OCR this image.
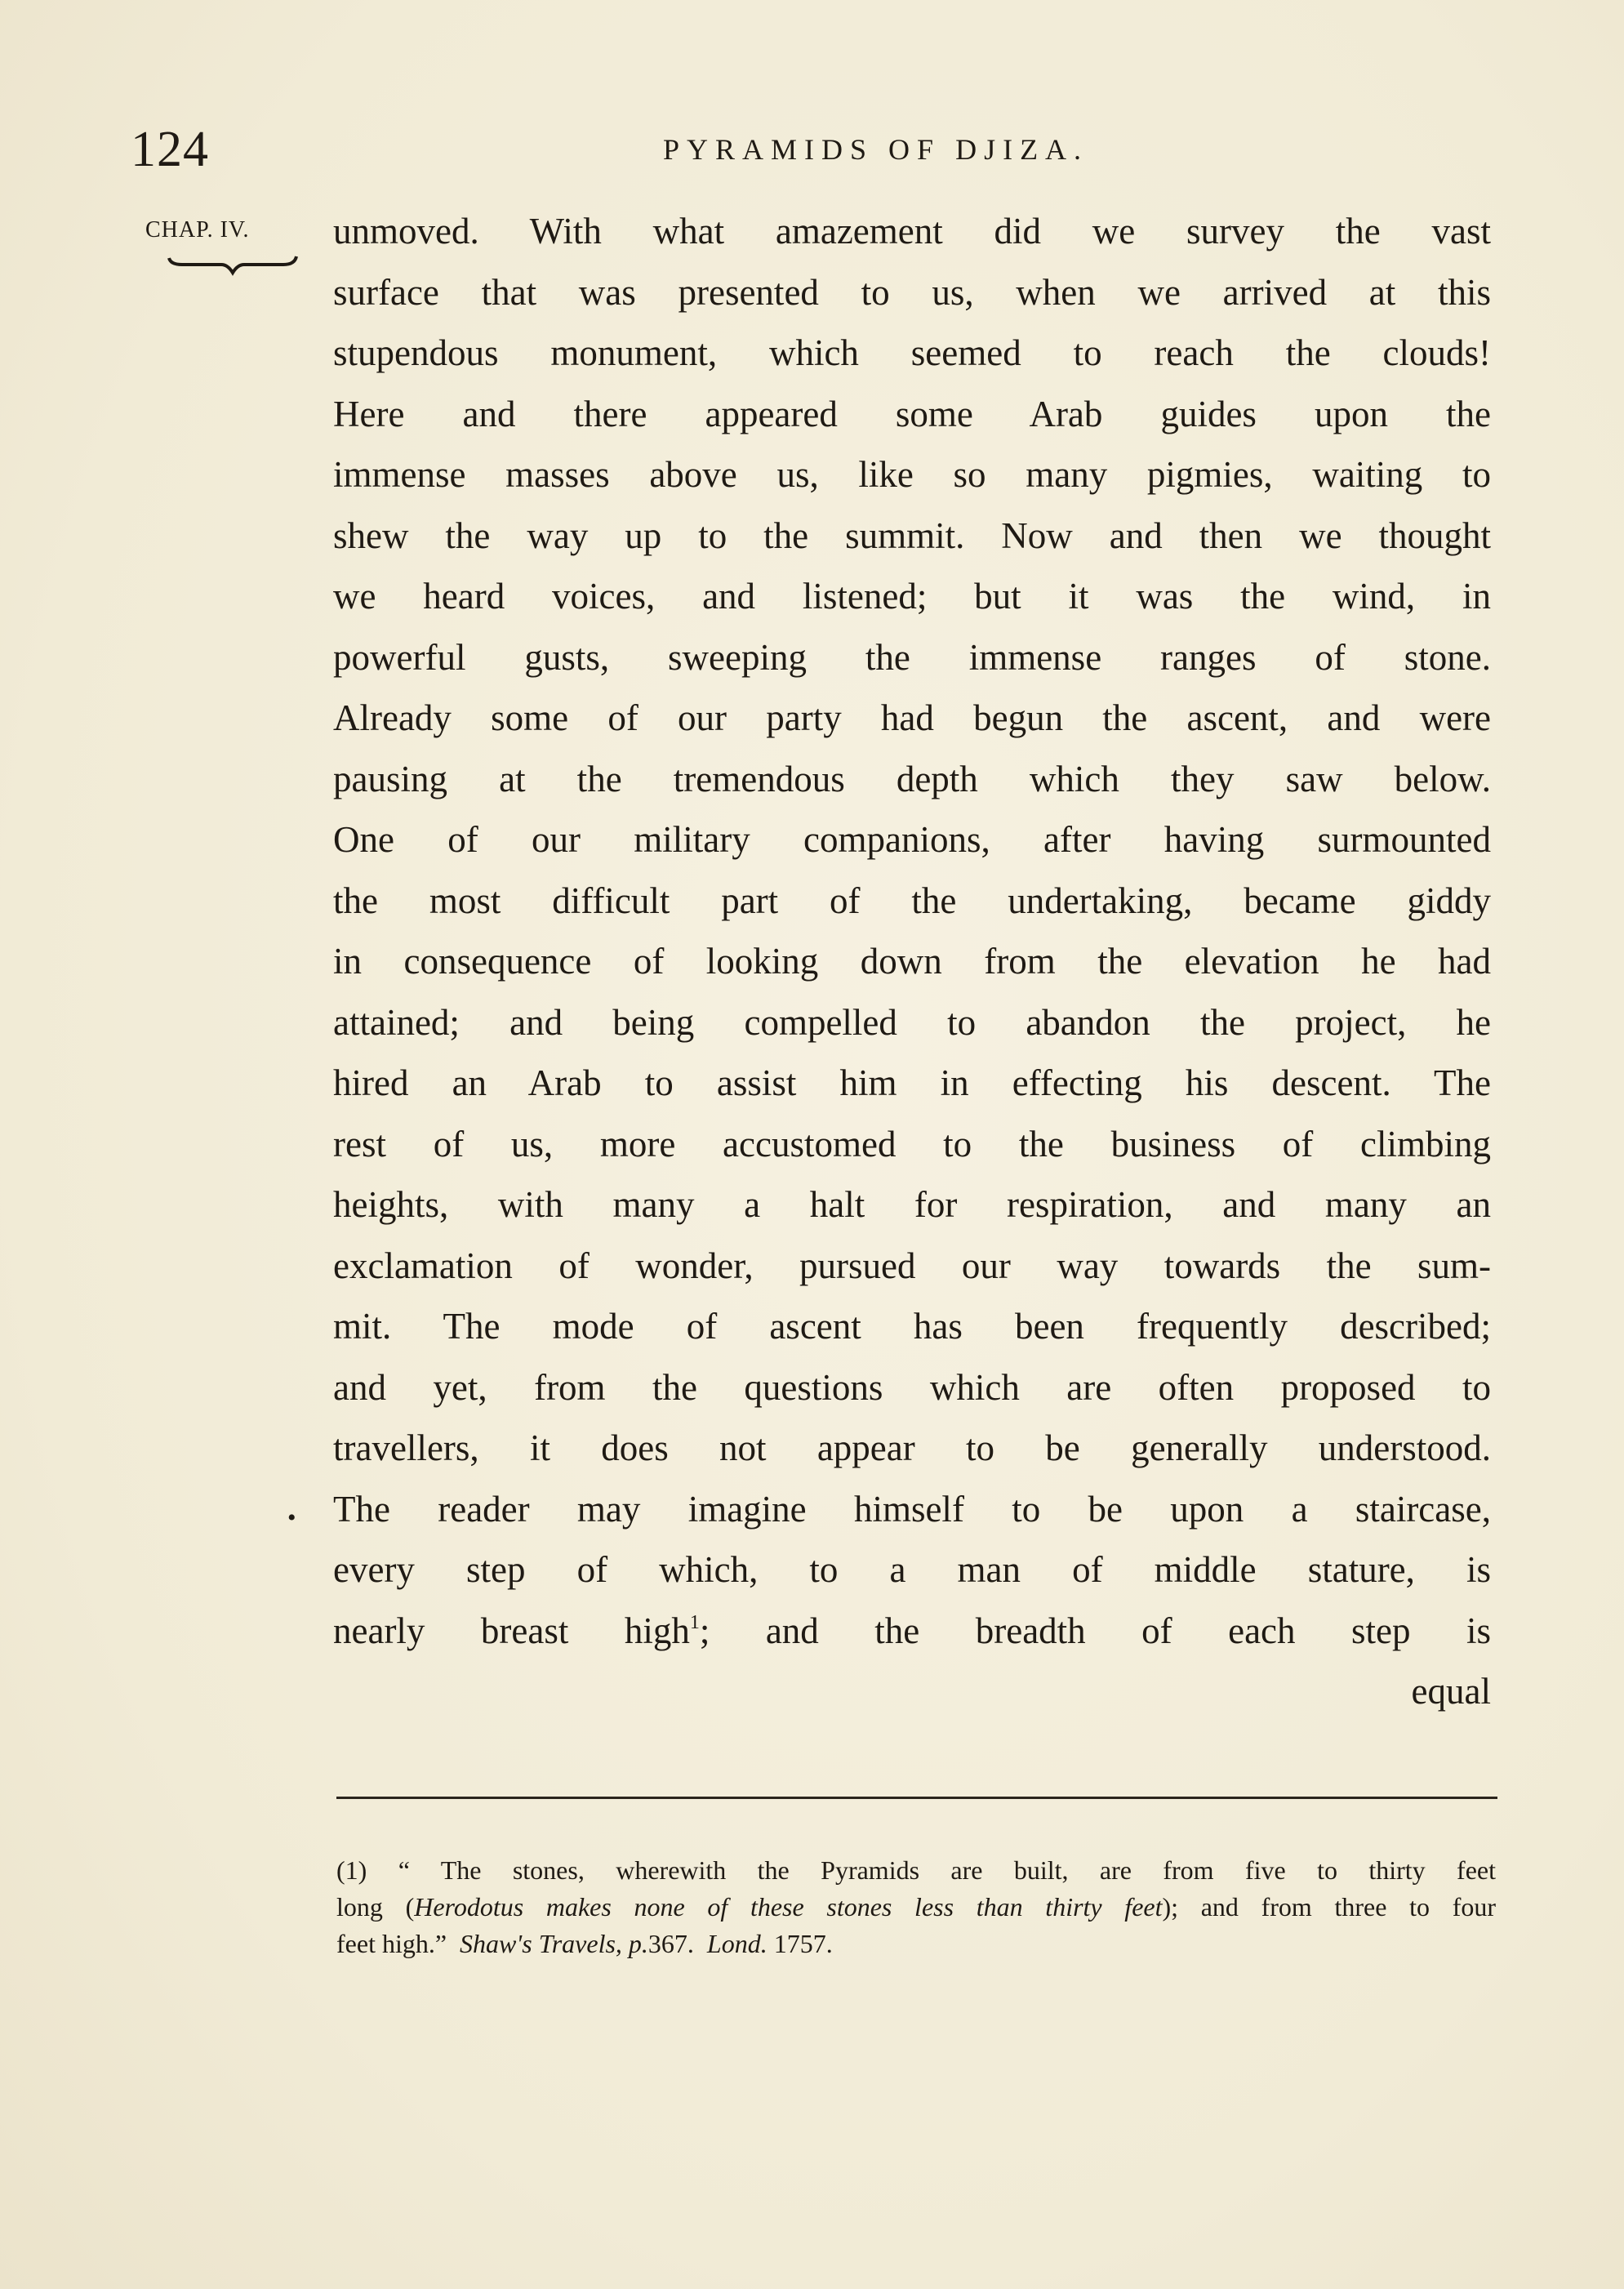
124	PYRAMIDS OF DJIZA.
CHAP. IV.
•
unmoved. With what amazement did we survey the vast
surface that was presented to us, when we arrived at this
stupendous monument, which seemed to reach the clouds!
Here and there appeared some Arab guides upon the
immense masses above us, like so many pigmies, waiting to
shew the way up to the summit. Now and then we thought
we heard voices, and listened; but it was the wind, in
powerful gusts, sweeping the immense ranges of stone.
Already some of our party had begun the ascent, and were
pausing at the tremendous depth which they saw below.
One of our military companions, after having surmounted
the most difficult part of the undertaking, became giddy
in consequence of looking down from the elevation he had
attained; and being compelled to abandon the project, he
hired an Arab to assist him in effecting his descent. The
rest of us, more accustomed to the business of climbing
heights, with many a halt for respiration, and many an
exclamation of wonder, pursued our way towards the sum-
mit. The mode of ascent has been frequently described;
and yet, from the questions which are often proposed to
travellers, it does not appear to be generally understood.
The reader may imagine himself to be upon a staircase,
every step of which, to a man of middle stature, is
nearly breast high$^1$; and the breadth of each step is
equal
(1) “ The stones, wherewith the Pyramids are built, are from five to thirty feet
long (Herodotus makes none of these stones less than thirty feet); and from three to four
feet high.” Shaw's Travels, p.367. Lond. 1757.
